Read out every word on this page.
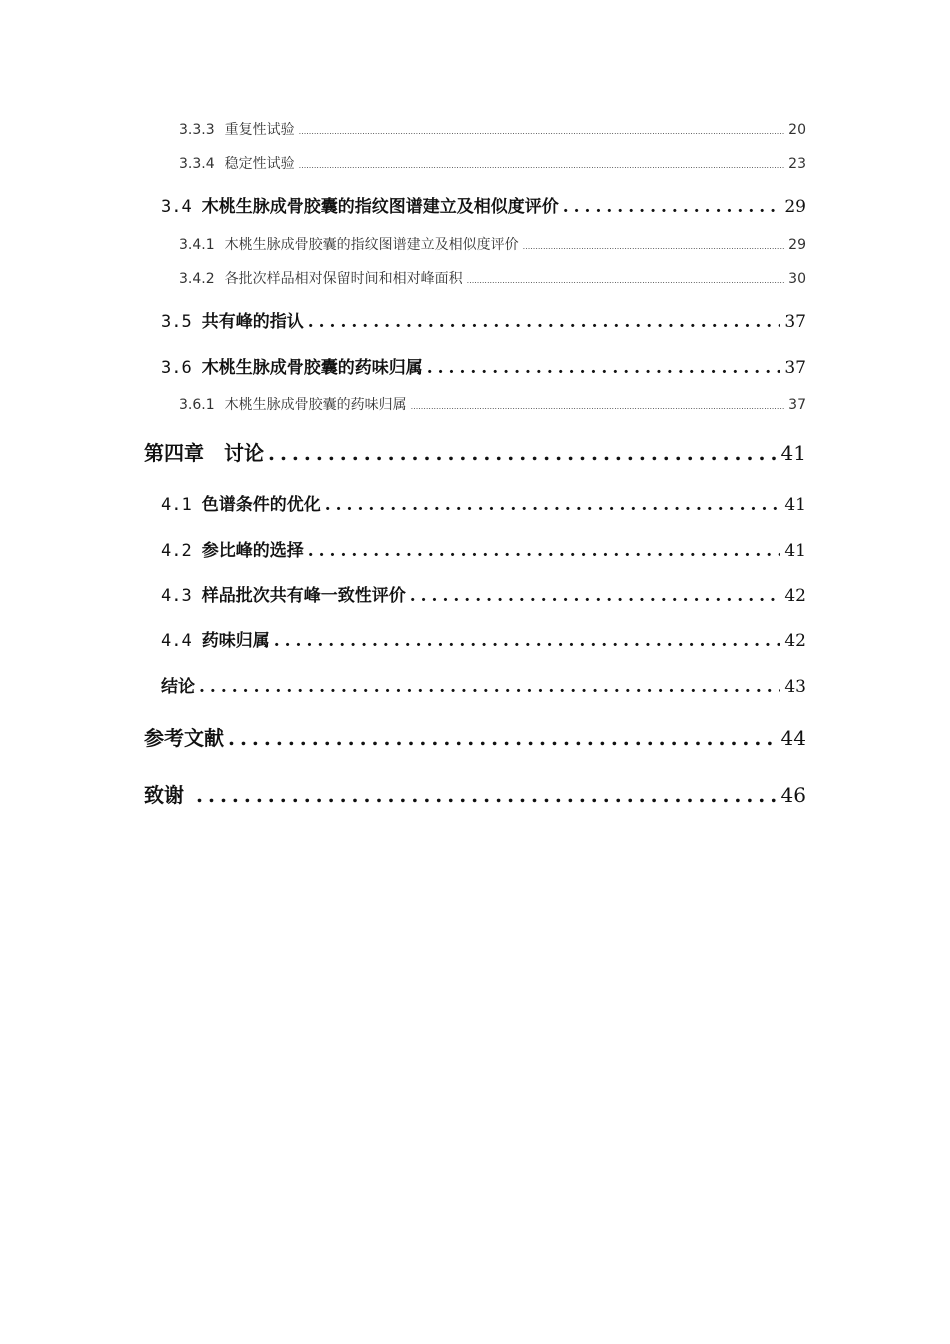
3.3.3 重复性试验 .....	20
3.3.4 稳定性试验 .....	23
3.4 木桃生脉成骨胶囊的指纹图谱建立及相似度评价 .....	29
3.4.1 木桃生脉成骨胶囊的指纹图谱建立及相似度评价 .....	29
3.4.2 各批次样品相对保留时间和相对峰面积 .....	30
3.5 共有峰的指认 .....	37
3.6 木桃生脉成骨胶囊的药味归属 .....	37
3.6.1 木桃生脉成骨胶囊的药味归属 .....	37
第四章　讨论 .....	41
4.1 色谱条件的优化 .....	41
4.2 参比峰的选择 .....	41
4.3 样品批次共有峰一致性评价 .....	42
4.4 药味归属 .....	42
结论 .....	43
参考文献 .....	44
致谢 .....	46
